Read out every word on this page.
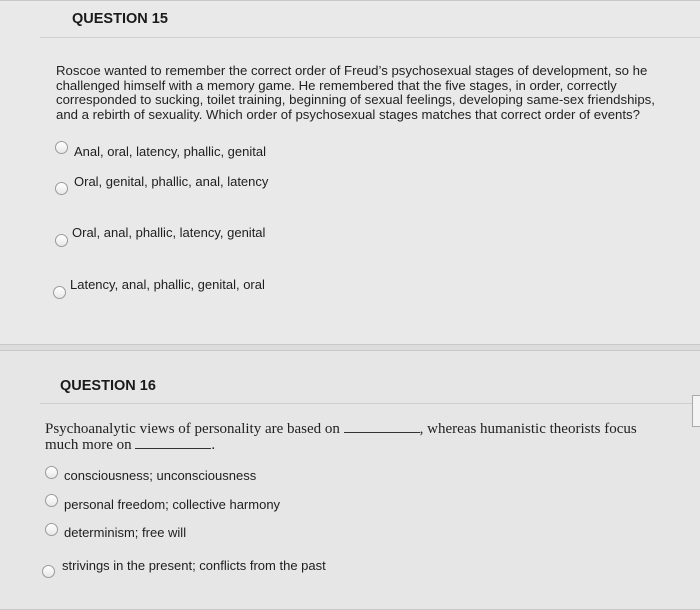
QUESTION 15
Roscoe wanted to remember the correct order of Freud’s psychosexual stages of development, so he
challenged himself with a memory game. He remembered that the five stages, in order, correctly
corresponded to sucking, toilet training, beginning of sexual feelings, developing same-sex friendships,
and a rebirth of sexuality. Which order of psychosexual stages matches that correct order of events?
Anal, oral, latency, phallic, genital
Oral, genital, phallic, anal, latency
Oral, anal, phallic, latency, genital
Latency, anal, phallic, genital, oral
QUESTION 16
Psychoanalytic views of personality are based on	, whereas humanistic theorists focus
much more on	.
consciousness; unconsciousness
personal freedom; collective harmony
determinism; free will
strivings in the present; conflicts from the past
